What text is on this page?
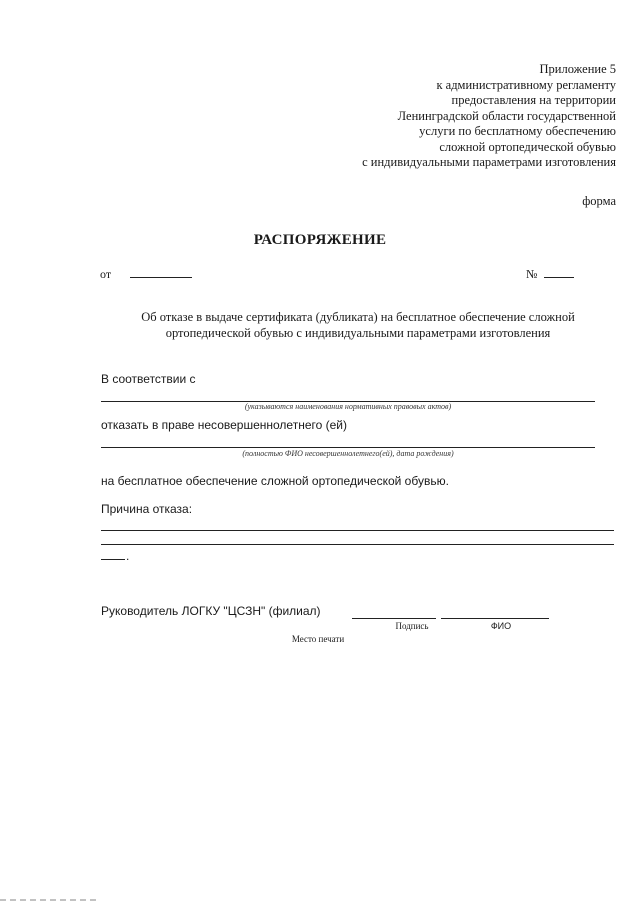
Приложение 5
к административному регламенту
предоставления на территории
Ленинградской области государственной
услуги по бесплатному обеспечению
сложной ортопедической обувью
с индивидуальными параметрами изготовления
форма
РАСПОРЯЖЕНИЕ
от	№
Об отказе в выдаче сертификата (дубликата) на бесплатное обеспечение сложной
ортопедической обувью с индивидуальными параметрами изготовления
В соответствии с
(указываются наименования нормативных правовых актов)
отказать в праве несовершеннолетнего (ей)
(полностью ФИО несовершеннолетнего(ей), дата рождения)
на бесплатное обеспечение сложной ортопедической обувью.
Причина отказа:
.
Руководитель ЛОГКУ "ЦСЗН" (филиал)
Подпись	ФИО
Место печати
